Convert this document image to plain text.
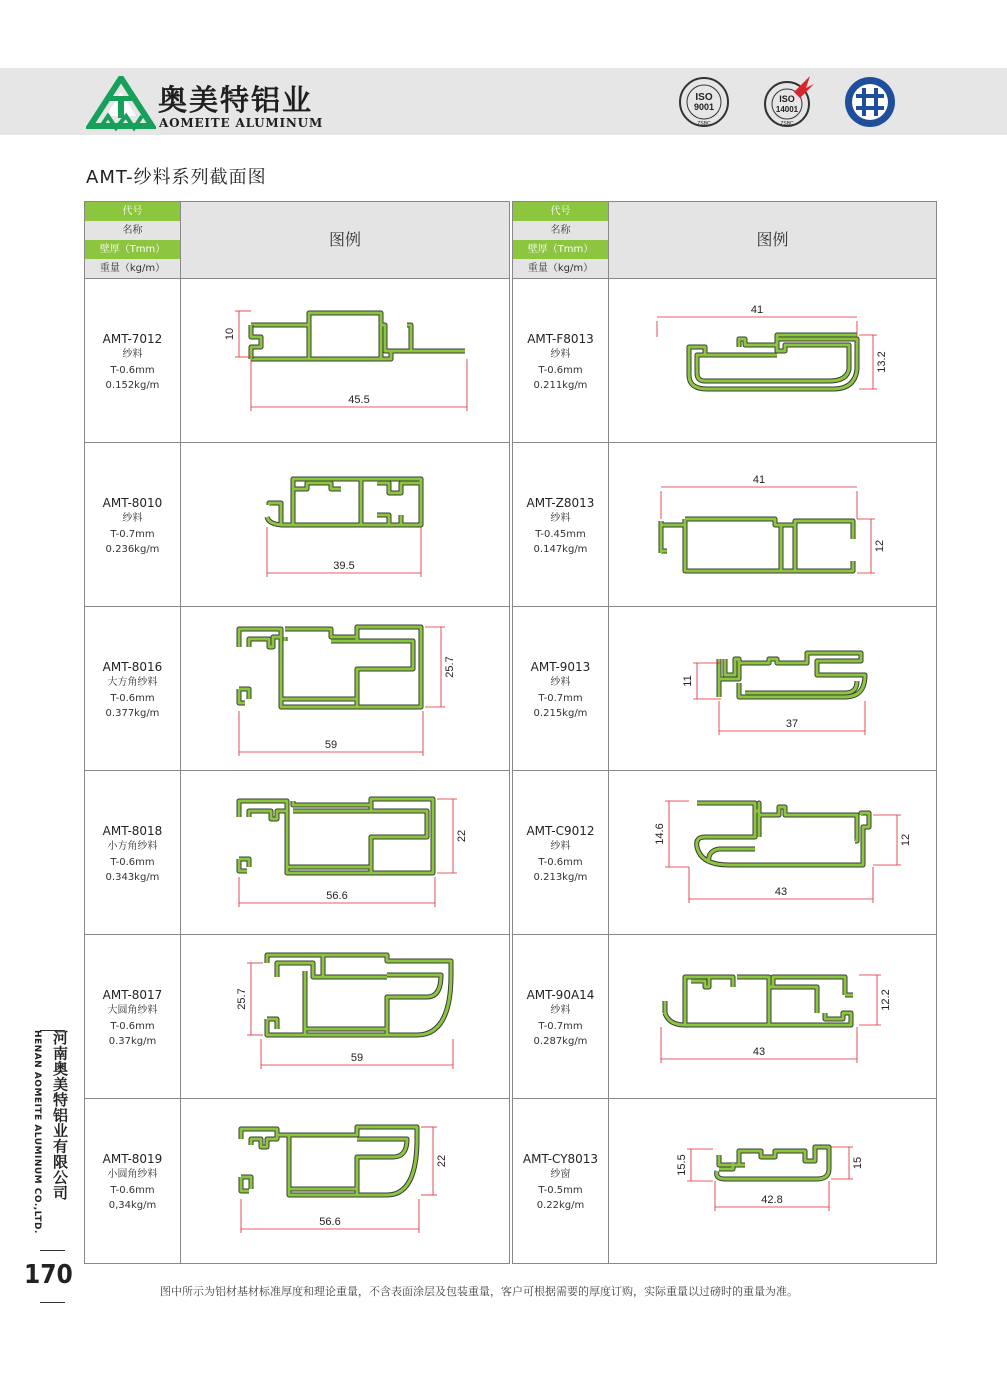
奥美特铝业
AOMEITE ALUMINUM
ISO
9001
ZSBC
ISO
14001
ZSBC
AMT-纱料系列截面图
代号
名称
壁厚（Tmm）
重量（kg/m）
图例
AMT-7012
纱料
T-0.6mm
0.152kg/m
10
45.5
AMT-8010
纱料
T-0.7mm
0.236kg/m
39.5
AMT-8016
大方角纱料
T-0.6mm
0.377kg/m
25.7
59
AMT-8018
小方角纱料
T-0.6mm
0.343kg/m
22
56.6
AMT-8017
大圆角纱料
T-0.6mm
0.37kg/m
25.7
59
AMT-8019
小圆角纱料
T-0.6mm
0,34kg/m
22
56.6
代号
名称
壁厚（Tmm）
重量（kg/m）
图例
AMT-F8013
纱料
T-0.6mm
0.211kg/m
41
13.2
AMT-Z8013
纱料
T-0.45mm
0.147kg/m
41
12
AMT-9013
纱料
T-0.7mm
0.215kg/m
11
37
AMT-C9012
纱料
T-0.6mm
0.213kg/m
14.6	12
43
AMT-90A14
纱料
T-0.7mm
0.287kg/m
12.2
43
AMT-CY8013
纱窗
T-0.5mm
0.22kg/m
15.5	15
42.8
河南奥美特铝业有限公司
HENAN AOMEITE ALUMINUM CO.,LTD.
170
图中所示为铝材基材标准厚度和理论重量，不含表面涂层及包装重量，客户可根据需要的厚度订购，实际重量以过磅时的重量为准。
